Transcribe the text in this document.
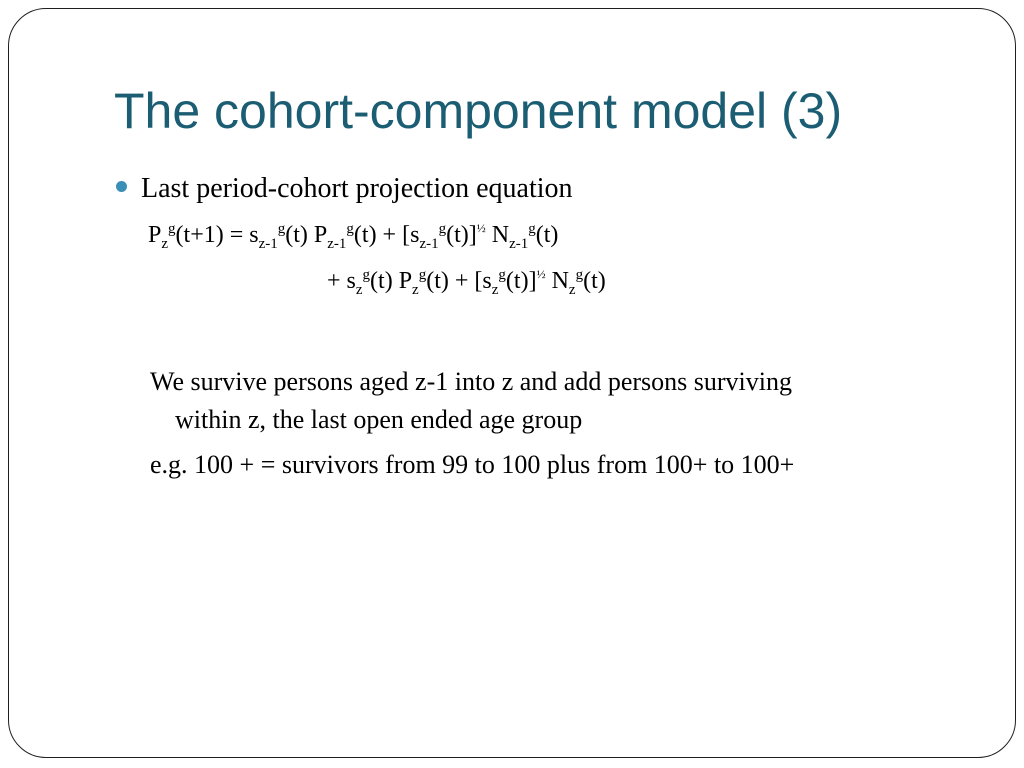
The cohort-component model (3)
Last period-cohort projection equation
$P_z^g(t+1) = s_{z-1}^g(t) P_{z-1}^g(t) + [s_{z-1}^g(t)]^{\frac{1}{2}}$ $N_{z-1}^g(t)$
+ $s_z^g(t) P_z^g(t) + [s_z^g(t)]^{\frac{1}{2}}$ $N_z^g(t)$
We survive persons aged z-1 into z and add persons surviving
within z, the last open ended age group
e.g. 100 + = survivors from 99 to 100 plus from 100+ to 100+
